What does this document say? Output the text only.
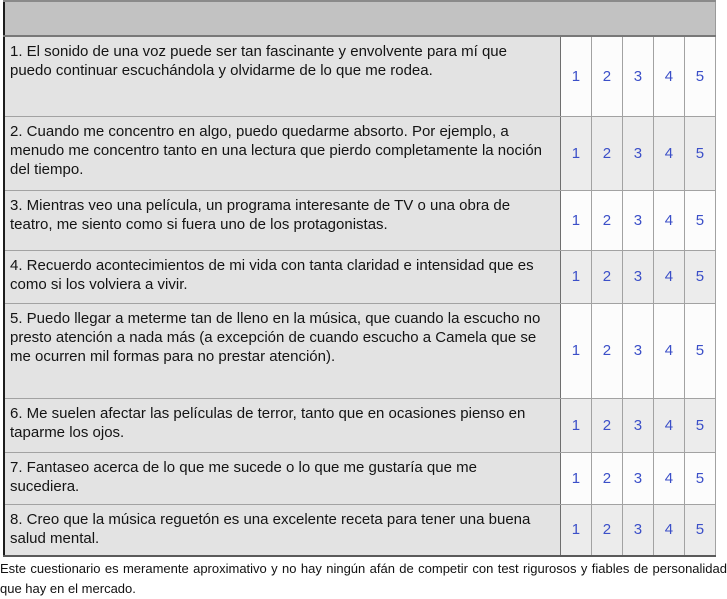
1. El sonido de una voz puede ser tan fascinante y envolvente para mí que puedo continuar escuchándola y olvidarme de lo que me rodea.	1	2	3	4	5
2. Cuando me concentro en algo, puedo quedarme absorto. Por ejemplo, a menudo me concentro tanto en una lectura que pierdo completamente la noción del tiempo.	1	2	3	4	5
3. Mientras veo una película, un programa interesante de TV o una obra de teatro, me siento como si fuera uno de los protagonistas.	1	2	3	4	5
4. Recuerdo acontecimientos de mi vida con tanta claridad e intensidad que es como si los volviera a vivir.	1	2	3	4	5
5. Puedo llegar a meterme tan de lleno en la música, que cuando la escucho no presto atención a nada más (a excepción de cuando escucho a Camela que se me ocurren mil formas para no prestar atención).	1	2	3	4	5
6. Me suelen afectar las películas de terror, tanto que en ocasiones pienso en taparme los ojos.	1	2	3	4	5
7. Fantaseo acerca de lo que me sucede o lo que me gustaría que me sucediera.	1	2	3	4	5
8. Creo que la música reguetón es una excelente receta para tener una buena salud mental.	1	2	3	4	5
Este cuestionario es meramente aproximativo y no hay ningún afán de competir con test rigurosos y fiables de personalidad que hay en el mercado.
